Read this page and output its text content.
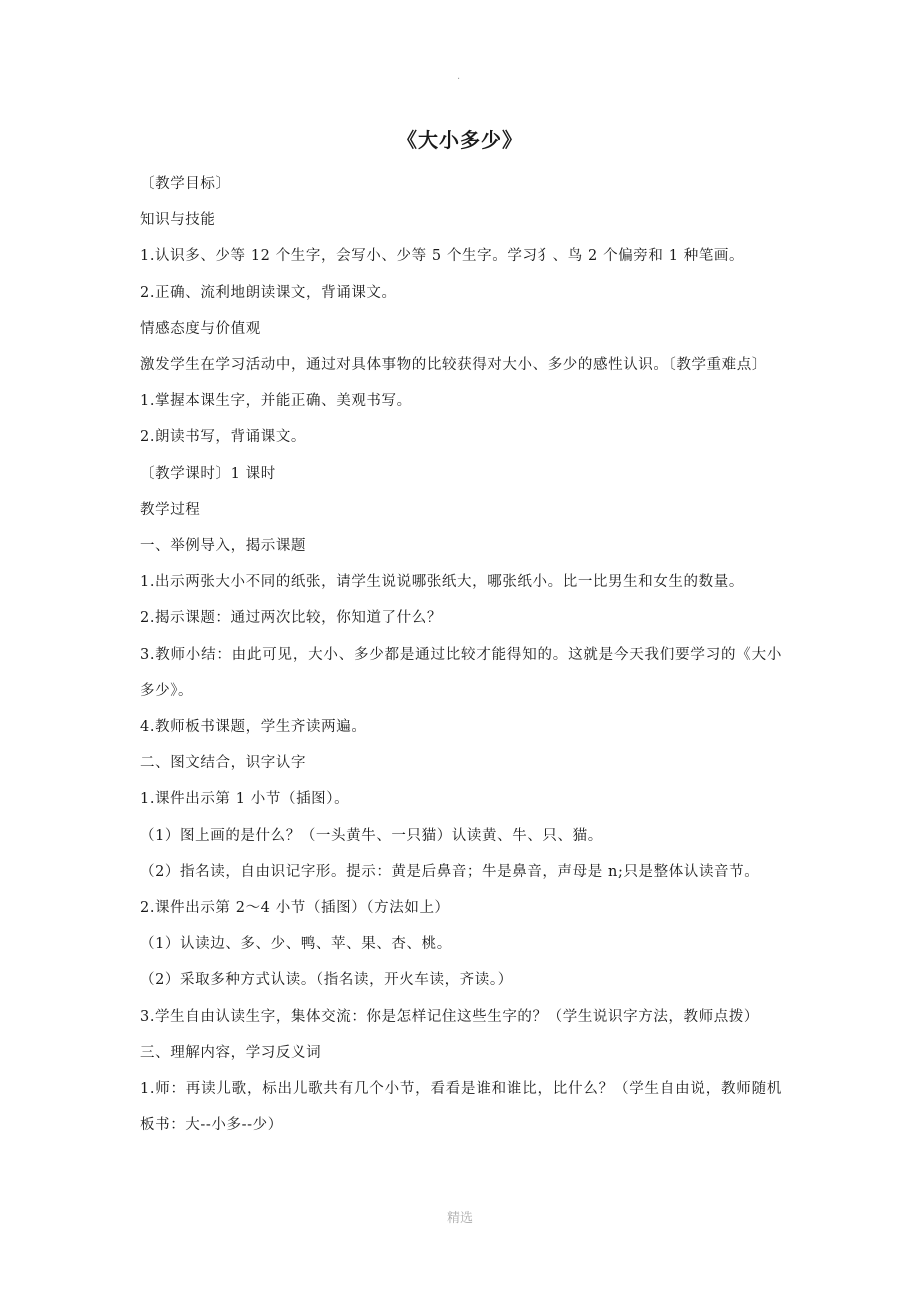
·
《大小多少》
〔教学目标〕
知识与技能
1.认识多、少等 12 个生字，会写小、少等 5 个生字。学习犭、鸟 2 个偏旁和 1 种笔画。
2.正确、流利地朗读课文，背诵课文。
情感态度与价值观
激发学生在学习活动中，通过对具体事物的比较获得对大小、多少的感性认识。〔教学重难点〕
1.掌握本课生字，并能正确、美观书写。
2.朗读书写，背诵课文。
〔教学课时〕1 课时
教学过程
一、举例导入，揭示课题
1.出示两张大小不同的纸张，请学生说说哪张纸大，哪张纸小。比一比男生和女生的数量。
2.揭示课题：通过两次比较，你知道了什么？
3.教师小结：由此可见，大小、多少都是通过比较才能得知的。这就是今天我们要学习的《大小多少》。
4.教师板书课题，学生齐读两遍。
二、图文结合，识字认字
1.课件出示第 1 小节（插图）。
（1）图上画的是什么？（一头黄牛、一只猫）认读黄、牛、只、猫。
（2）指名读，自由识记字形。提示：黄是后鼻音；牛是鼻音，声母是 n;只是整体认读音节。
2.课件出示第 2～4 小节（插图）（方法如上）
（1）认读边、多、少、鸭、苹、果、杏、桃。
（2）采取多种方式认读。（指名读，开火车读，齐读。）
3.学生自由认读生字，集体交流：你是怎样记住这些生字的？（学生说识字方法，教师点拨）
三、理解内容，学习反义词
1.师：再读儿歌，标出儿歌共有几个小节，看看是谁和谁比，比什么？（学生自由说，教师随机板书：大--小多--少）
精选
